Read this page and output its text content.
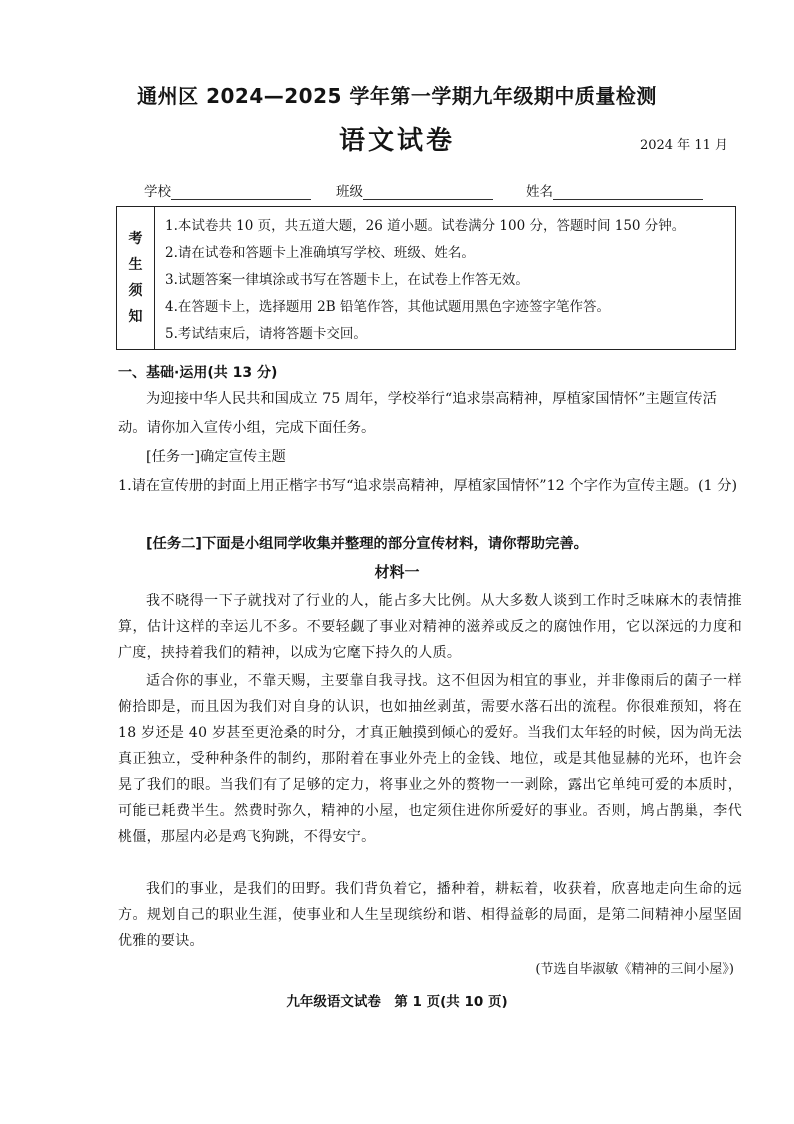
通州区 2024—2025 学年第一学期九年级期中质量检测
语文试卷	2024 年 11 月
学校	班级	姓名
考
生
须
知
1.本试卷共 10 页，共五道大题，26 道小题。试卷满分 100 分，答题时间 150 分钟。
2.请在试卷和答题卡上准确填写学校、班级、姓名。
3.试题答案一律填涂或书写在答题卡上，在试卷上作答无效。
4.在答题卡上，选择题用 2B 铅笔作答，其他试题用黑色字迹签字笔作答。
5.考试结束后，请将答题卡交回。
一、基础·运用(共 13 分)
为迎接中华人民共和国成立 75 周年，学校举行“追求崇高精神，厚植家国情怀”主题宣传活动。请你加入宣传小组，完成下面任务。
[任务一]确定宣传主题
1.请在宣传册的封面上用正楷字书写“追求崇高精神，厚植家国情怀”12 个字作为宣传主题。(1 分)
[任务二]下面是小组同学收集并整理的部分宣传材料，请你帮助完善。
材料一
我不晓得一下子就找对了行业的人，能占多大比例。从大多数人谈到工作时乏味麻木的表情推算，估计这样的幸运儿不多。不要轻觑了事业对精神的滋养或反之的腐蚀作用，它以深远的力度和广度，挟持着我们的精神，以成为它麾下持久的人质。
适合你的事业，不靠天赐，主要靠自我寻找。这不但因为相宜的事业，并非像雨后的菌子一样俯拾即是，而且因为我们对自身的认识，也如抽丝剥茧，需要水落石出的流程。你很难预知，将在 18 岁还是 40 岁甚至更沧桑的时分，才真正触摸到倾心的爱好。当我们太年轻的时候，因为尚无法真正独立，受种种条件的制约，那附着在事业外壳上的金钱、地位，或是其他显赫的光环，也许会晃了我们的眼。当我们有了足够的定力，将事业之外的赘物一一剥除，露出它单纯可爱的本质时，可能已耗费半生。然费时弥久，精神的小屋，也定须住进你所爱好的事业。否则，鸠占鹊巢，李代桃僵，那屋内必是鸡飞狗跳，不得安宁。
我们的事业，是我们的田野。我们背负着它，播种着，耕耘着，收获着，欣喜地走向生命的远方。规划自己的职业生涯，使事业和人生呈现缤纷和谐、相得益彰的局面，是第二间精神小屋坚固优雅的要诀。
(节选自毕淑敏《精神的三间小屋》)
九年级语文试卷　第 1 页(共 10 页)
